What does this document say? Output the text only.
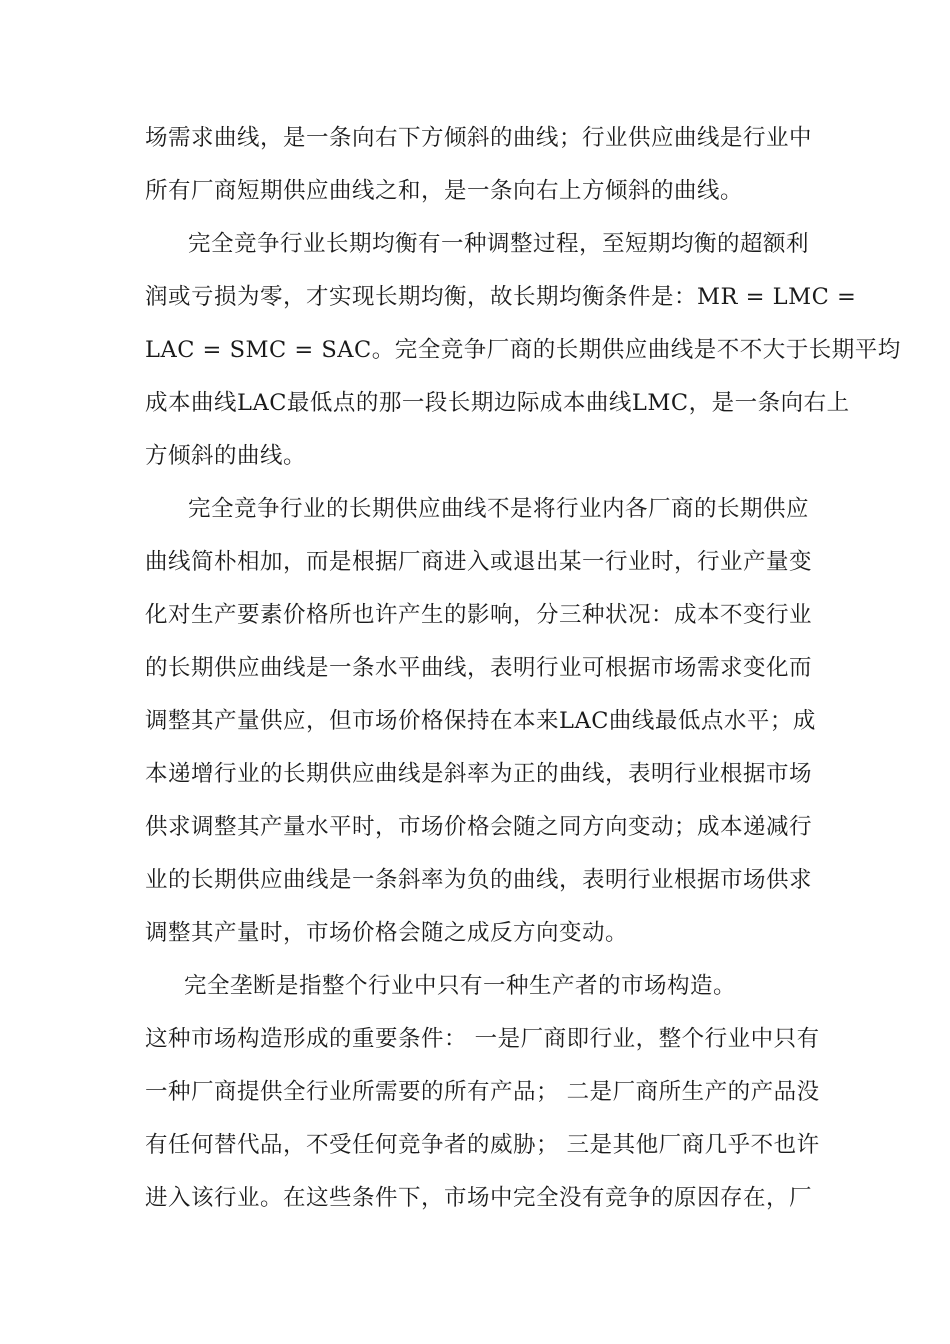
场需求曲线，是一条向右下方倾斜的曲线；行业供应曲线是行业中
所有厂商短期供应曲线之和，是一条向右上方倾斜的曲线。
完全竞争行业长期均衡有一种调整过程，至短期均衡的超额利
润或亏损为零，才实现长期均衡，故长期均衡条件是：MR = LMC =
LAC = SMC = SAC。完全竞争厂商的长期供应曲线是不不大于长期平均
成本曲线LAC最低点的那一段长期边际成本曲线LMC，是一条向右上
方倾斜的曲线。
完全竞争行业的长期供应曲线不是将行业内各厂商的长期供应
曲线简朴相加，而是根据厂商进入或退出某一行业时，行业产量变
化对生产要素价格所也许产生的影响，分三种状况：成本不变行业
的长期供应曲线是一条水平曲线，表明行业可根据市场需求变化而
调整其产量供应，但市场价格保持在本来LAC曲线最低点水平；成
本递增行业的长期供应曲线是斜率为正的曲线，表明行业根据市场
供求调整其产量水平时，市场价格会随之同方向变动；成本递减行
业的长期供应曲线是一条斜率为负的曲线，表明行业根据市场供求
调整其产量时，市场价格会随之成反方向变动。
完全垄断是指整个行业中只有一种生产者的市场构造。
这种市场构造形成的重要条件： 一是厂商即行业，整个行业中只有
一种厂商提供全行业所需要的所有产品； 二是厂商所生产的产品没
有任何替代品，不受任何竞争者的威胁； 三是其他厂商几乎不也许
进入该行业。在这些条件下，市场中完全没有竞争的原因存在，厂
